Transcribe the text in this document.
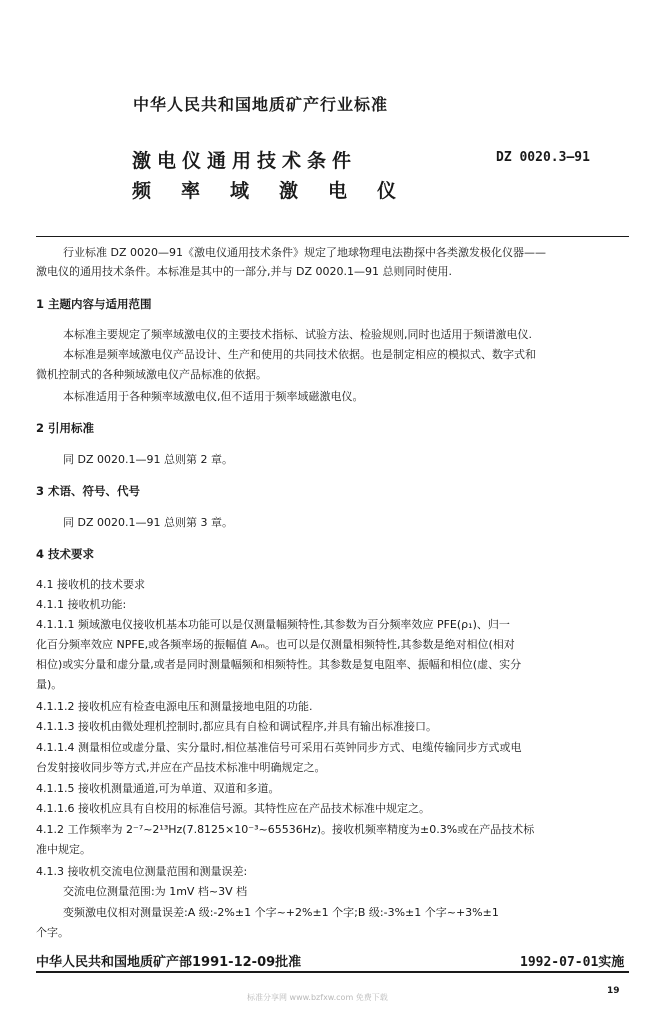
中华人民共和国地质矿产行业标准
激电仪通用技术条件
频率域激电仪
DZ 0020.3—91
行业标准 DZ 0020—91《激电仪通用技术条件》规定了地球物理电法勘探中各类激发极化仪器——
激电仪的通用技术条件。本标准是其中的一部分,并与 DZ 0020.1—91 总则同时使用.
1 主题内容与适用范围
本标准主要规定了频率域激电仪的主要技术指标、试验方法、检验规则,同时也适用于频谱激电仪.
本标准是频率域激电仪产品设计、生产和使用的共同技术依据。也是制定相应的模拟式、数字式和
微机控制式的各种频域激电仪产品标准的依据。
本标准适用于各种频率域激电仪,但不适用于频率域磁激电仪。
2 引用标准
同 DZ 0020.1—91 总则第 2 章。
3 术语、符号、代号
同 DZ 0020.1—91 总则第 3 章。
4 技术要求
4.1 接收机的技术要求
4.1.1 接收机功能:
4.1.1.1 频域激电仪接收机基本功能可以是仅测量幅频特性,其参数为百分频率效应 PFE(ρ₁)、归一
化百分频率效应 NPFE,或各频率场的振幅值 Aₘ。也可以是仅测量相频特性,其参数是绝对相位(相对
相位)或实分量和虚分量,或者是同时测量幅频和相频特性。其参数是复电阻率、振幅和相位(虚、实分
量)。
4.1.1.2 接收机应有检查电源电压和测量接地电阻的功能.
4.1.1.3 接收机由微处理机控制时,都应具有自检和调试程序,并具有输出标准接口。
4.1.1.4 测量相位或虚分量、实分量时,相位基准信号可采用石英钟同步方式、电缆传输同步方式或电
台发射接收同步等方式,并应在产品技术标准中明确规定之。
4.1.1.5 接收机测量通道,可为单道、双道和多道。
4.1.1.6 接收机应具有自校用的标准信号源。其特性应在产品技术标准中规定之。
4.1.2 工作频率为 2⁻⁷~2¹³Hz(7.8125×10⁻³~65536Hz)。接收机频率精度为±0.3%或在产品技术标
准中规定。
4.1.3 接收机交流电位测量范围和测量误差:
交流电位测量范围:为 1mV 档~3V 档
变频激电仪相对测量误差:A 级:-2%±1 个字~+2%±1 个字;B 级:-3%±1 个字~+3%±1
个字。
中华人民共和国地质矿产部1991-12-09批准	1992-07-01实施
19
标准分享网 www.bzfxw.com 免费下载
